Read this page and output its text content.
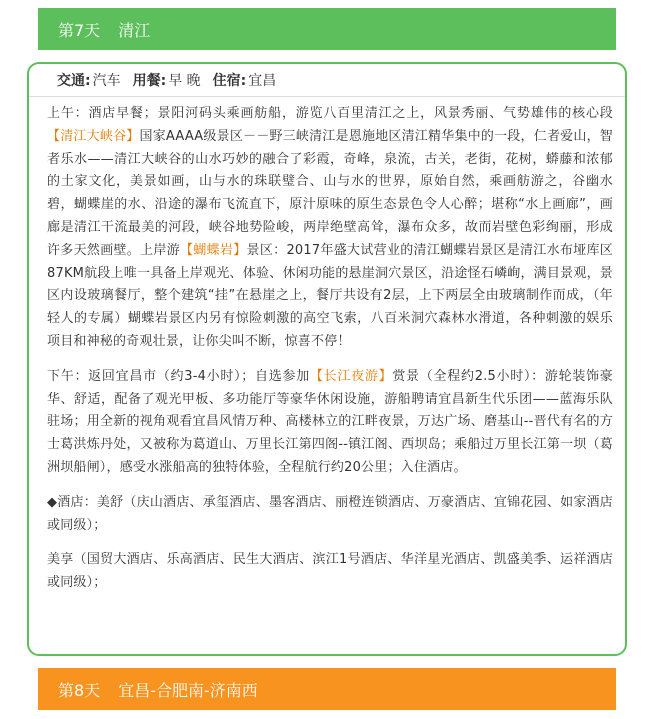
第7天 清江
交通: 汽车 用餐: 早 晚 住宿: 宜昌

上午：酒店早餐；景阳河码头乘画舫船，游览八百里清江之上，风景秀丽、气势雄伟的核心段【清江大峡谷】国家AAAA级景区－－野三峡清江是恩施地区清江精华集中的一段，仁者爱山，智者乐水——清江大峡谷的山水巧妙的融合了彩霞，奇峰，泉流，古关，老街，花树，蟒藤和浓郁的土家文化，美景如画，山与水的珠联璧合、山与水的世界，原始自然，乘画舫游之，谷幽水碧，蝴蝶崖的水、沿途的瀑布飞流直下，原汁原味的原生态景色令人心醉；堪称“水上画廊”，画廊是清江干流最美的河段，峡谷地势险峻，两岸绝壁高耸，瀑布众多，故而岩壁色彩绚丽，形成许多天然画壁。上岸游【蝴蝶岩】景区：2017年盛大试营业的清江蝴蝶岩景区是清江水布垭库区87KM航段上唯一具备上岸观光、体验、休闲功能的悬崖洞穴景区，沿途怪石嶙峋，满目景观，景区内设玻璃餐厅，整个建筑“挂”在悬崖之上，餐厅共设有2层，上下两层全由玻璃制作而成，（年轻人的专属）蝴蝶岩景区内另有惊险刺激的高空飞索，八百米洞穴森林水滑道，各种刺激的娱乐项目和神秘的奇观壮景，让你尖叫不断，惊喜不停！

下午：返回宜昌市（约3-4小时）；自选参加【长江夜游】赏景（全程约2.5小时）：游轮装饰豪华、舒适，配备了观光甲板、多功能厅等豪华休闲设施，游船聘请宜昌新生代乐团——蓝海乐队驻场；用全新的视角观看宜昌风情万种、高楼林立的江畔夜景，万达广场、磨基山--晋代有名的方士葛洪炼丹处，又被称为葛道山、万里长江第四阁--镇江阁、西坝岛；乘船过万里长江第一坝（葛洲坝船闸），感受水涨船高的独特体验，全程航行约20公里；入住酒店。

◆酒店：美舒（庆山酒店、承玺酒店、墨客酒店、丽橙连锁酒店、万豪酒店、宜锦花园、如家酒店或同级）；

美享（国贸大酒店、乐高酒店、民生大酒店、滨江1号酒店、华洋星光酒店、凯盛美季、运祥酒店或同级）；

第8天 宜昌-合肥南-济南西
